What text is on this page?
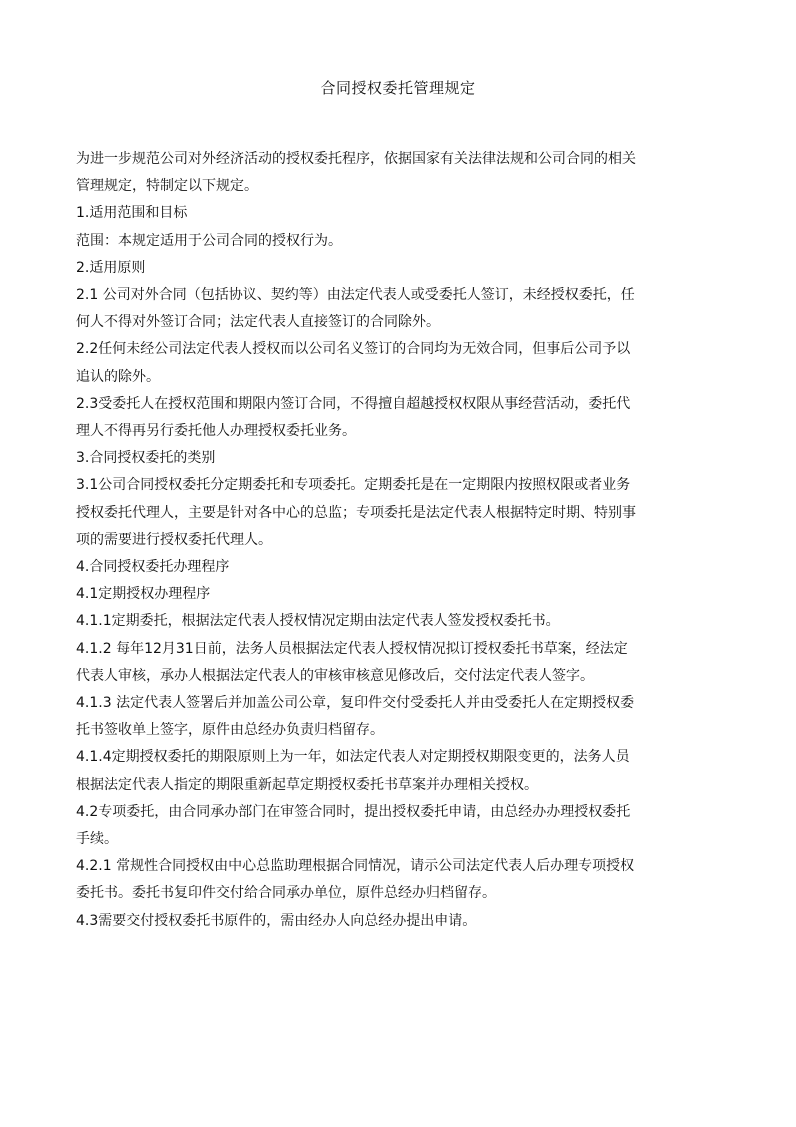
合同授权委托管理规定
为进一步规范公司对外经济活动的授权委托程序，依据国家有关法律法规和公司合同的相关
管理规定，特制定以下规定。
1.适用范围和目标
范围：本规定适用于公司合同的授权行为。
2.适用原则
2.1 公司对外合同（包括协议、契约等）由法定代表人或受委托人签订，未经授权委托，任
何人不得对外签订合同；法定代表人直接签订的合同除外。
2.2任何未经公司法定代表人授权而以公司名义签订的合同均为无效合同，但事后公司予以
追认的除外。
2.3受委托人在授权范围和期限内签订合同，不得擅自超越授权权限从事经营活动，委托代
理人不得再另行委托他人办理授权委托业务。
3.合同授权委托的类别
3.1公司合同授权委托分定期委托和专项委托。定期委托是在一定期限内按照权限或者业务
授权委托代理人，主要是针对各中心的总监；专项委托是法定代表人根据特定时期、特别事
项的需要进行授权委托代理人。
4.合同授权委托办理程序
4.1定期授权办理程序
4.1.1定期委托，根据法定代表人授权情况定期由法定代表人签发授权委托书。
4.1.2 每年12月31日前，法务人员根据法定代表人授权情况拟订授权委托书草案，经法定
代表人审核，承办人根据法定代表人的审核审核意见修改后，交付法定代表人签字。
4.1.3 法定代表人签署后并加盖公司公章，复印件交付受委托人并由受委托人在定期授权委
托书签收单上签字，原件由总经办负责归档留存。
4.1.4定期授权委托的期限原则上为一年，如法定代表人对定期授权期限变更的，法务人员
根据法定代表人指定的期限重新起草定期授权委托书草案并办理相关授权。
4.2专项委托，由合同承办部门在审签合同时，提出授权委托申请，由总经办办理授权委托
手续。
4.2.1 常规性合同授权由中心总监助理根据合同情况，请示公司法定代表人后办理专项授权
委托书。委托书复印件交付给合同承办单位，原件总经办归档留存。
4.3需要交付授权委托书原件的，需由经办人向总经办提出申请。
